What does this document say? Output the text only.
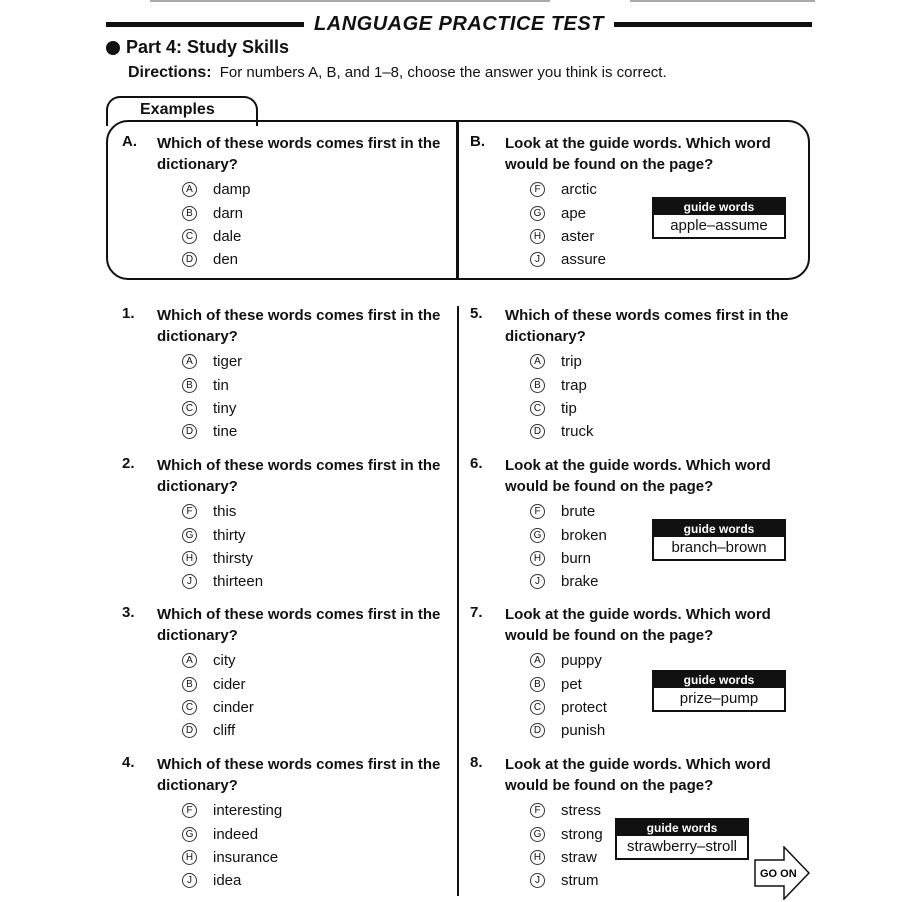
LANGUAGE PRACTICE TEST
Part 4: Study Skills
Directions: For numbers A, B, and 1–8, choose the answer you think is correct.
Examples
A. Which of these words comes first in the dictionary?
A damp
B darn
C dale
D den
B. Look at the guide words. Which word would be found on the page?
F arctic
G ape
H aster
J	assure
guide words
apple–assume
1. Which of these words comes first in the dictionary?
A tiger
B tin
C tiny
D tine
2. Which of these words comes first in the dictionary?
F this
G thirty
H thirsty
J	thirteen
3. Which of these words comes first in the dictionary?
A city
B cider
C cinder
D cliff
4. Which of these words comes first in the dictionary?
F interesting
G indeed
H insurance
J	idea
5. Which of these words comes first in the dictionary?
A trip
B trap
C tip
D truck
6. Look at the guide words. Which word would be found on the page?
F brute
G broken
H burn
J	brake
guide words
branch–brown
7. Look at the guide words. Which word would be found on the page?
A puppy
B pet
C protect
D punish
guide words
prize–pump
8. Look at the guide words. Which word would be found on the page?
F stress
G strong
H straw
J	strum
guide words
strawberry–stroll
GO ON
